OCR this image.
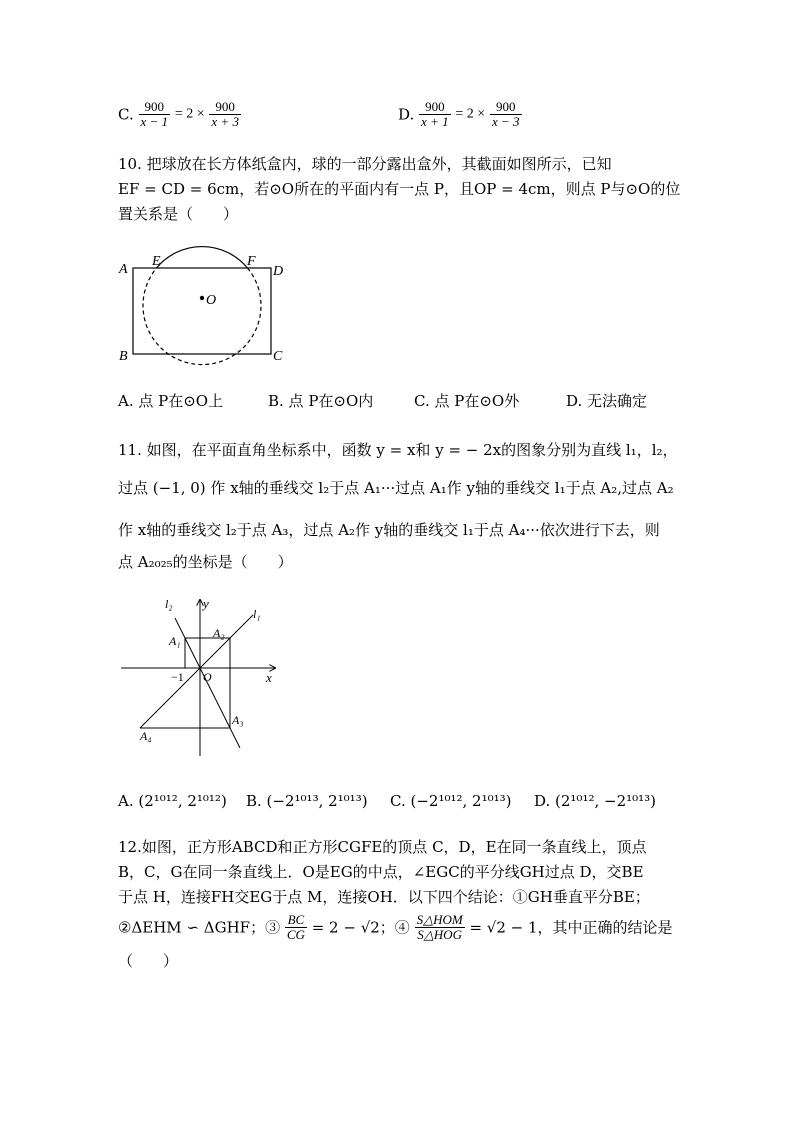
C. $\frac{900}{x - 1} = 2 \times \frac{900}{x + 3}$	D. $\frac{900}{x + 1} = 2 \times \frac{900}{x - 3}$
10. 把球放在长方体纸盒内，球的一部分露出盒外，其截面如图所示，已知
EF = CD = 6cm，若⊙O所在的平面内有一点 P，且OP = 4cm，则点 P与⊙O的位
置关系是（　　）
A
E	F
D
O
B	C
A. 点 P在⊙O上	B. 点 P在⊙O内	C. 点 P在⊙O外	D. 无法确定
11. 如图，在平面直角坐标系中，函数 y = x和 y = − 2x的图象分别为直线 l₁，l₂，
过点 (−1, 0) 作 x轴的垂线交 l₂于点 A₁···过点 A₁作 y轴的垂线交 l₁于点 A₂,过点 A₂
作 x轴的垂线交 l₂于点 A₃，过点 A₂作 y轴的垂线交 l₁于点 A₄···依次进行下去，则
点 A₂₀₂₅的坐标是（　　）
l₂ y
l₁
A₁
A₂
−1 O	x
A₃
A₄
A. (2¹⁰¹², 2¹⁰¹²) B. (−2¹⁰¹³, 2¹⁰¹³) C. (−2¹⁰¹², 2¹⁰¹³) D. (2¹⁰¹², −2¹⁰¹³)
12.如图，正方形ABCD和正方形CGFE的顶点 C，D，E在同一条直线上，顶点
B，C，G在同一条直线上．O是EG的中点，∠EGC的平分线GH过点 D，交BE
于点 H，连接FH交EG于点 M，连接OH．以下四个结论：①GH垂直平分BE；
②ΔEHM ∽ ΔGHF；③ $\frac{BC}{CG} = 2 - √2$；④ $\frac{\text{S△HOM}}{\text{S△HOG}} = √2 - 1$，其中正确的结论是
（　　）
